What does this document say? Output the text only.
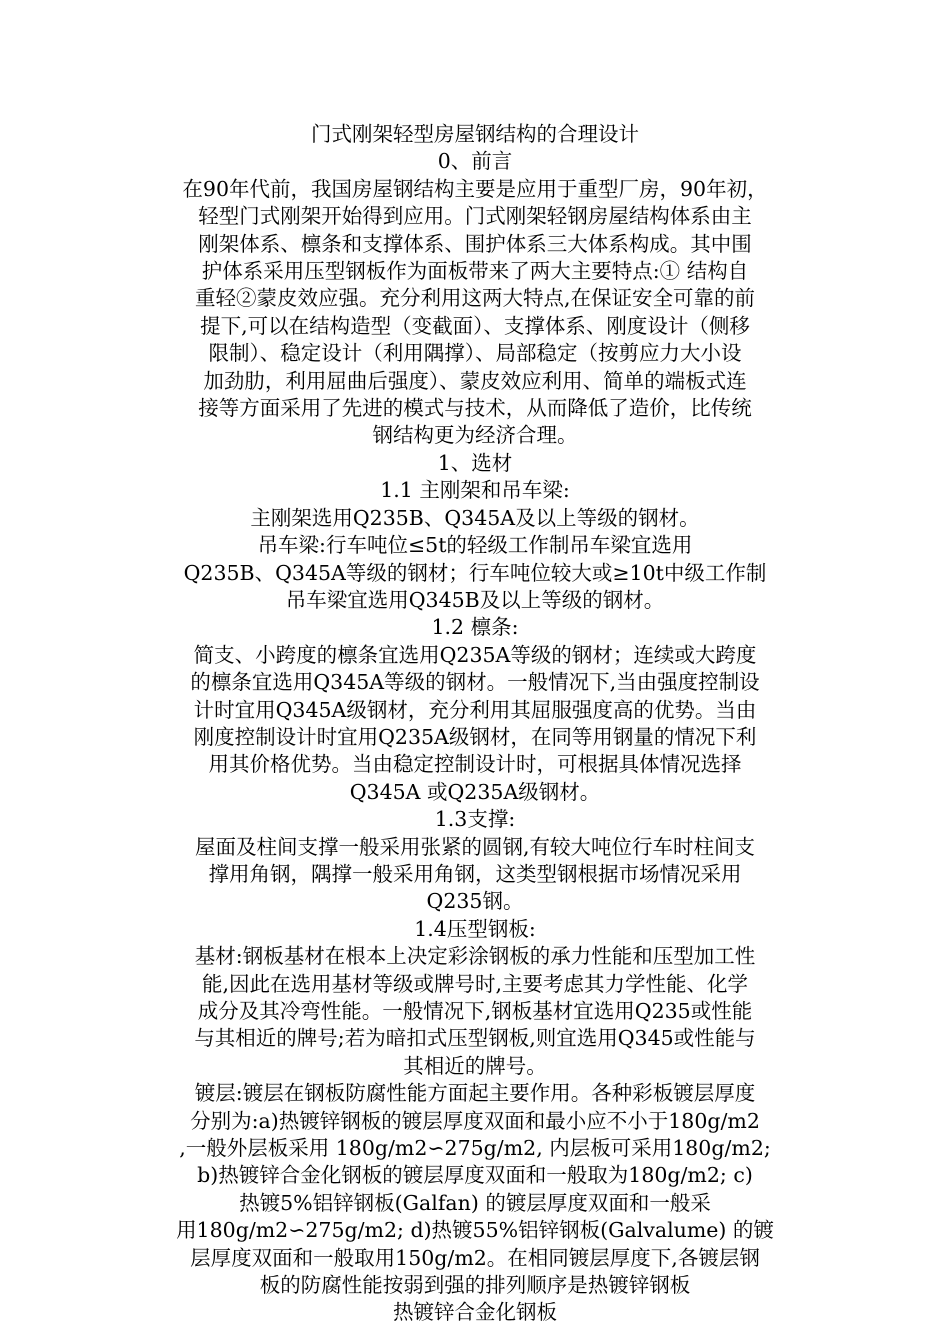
门式刚架轻型房屋钢结构的合理设计
0、前言
在90年代前，我国房屋钢结构主要是应用于重型厂房，90年初，
轻型门式刚架开始得到应用。门式刚架轻钢房屋结构体系由主
刚架体系、檩条和支撑体系、围护体系三大体系构成。其中围
护体系采用压型钢板作为面板带来了两大主要特点:① 结构自
重轻②蒙皮效应强。充分利用这两大特点,在保证安全可靠的前
提下,可以在结构造型（变截面）、支撑体系、刚度设计（侧移
限制）、稳定设计（利用隅撑）、局部稳定（按剪应力大小设
加劲肋，利用屈曲后强度）、蒙皮效应利用、简单的端板式连
接等方面采用了先进的模式与技术，从而降低了造价，比传统
钢结构更为经济合理。
1、选材
1.1 主刚架和吊车梁:
主刚架选用Q235B、Q345A及以上等级的钢材。
吊车梁:行车吨位≤5t的轻级工作制吊车梁宜选用
Q235B、Q345A等级的钢材；行车吨位较大或≥10t中级工作制
吊车梁宜选用Q345B及以上等级的钢材。
1.2 檩条:
简支、小跨度的檩条宜选用Q235A等级的钢材；连续或大跨度
的檩条宜选用Q345A等级的钢材。一般情况下,当由强度控制设
计时宜用Q345A级钢材，充分利用其屈服强度高的优势。当由
刚度控制设计时宜用Q235A级钢材，在同等用钢量的情况下利
用其价格优势。当由稳定控制设计时，可根据具体情况选择
Q345A 或Q235A级钢材。
1.3支撑:
屋面及柱间支撑一般采用张紧的圆钢,有较大吨位行车时柱间支
撑用角钢，隅撑一般采用角钢，这类型钢根据市场情况采用
Q235钢。
1.4压型钢板:
基材:钢板基材在根本上决定彩涂钢板的承力性能和压型加工性
能,因此在选用基材等级或牌号时,主要考虑其力学性能、化学
成分及其冷弯性能。一般情况下,钢板基材宜选用Q235或性能
与其相近的牌号;若为暗扣式压型钢板,则宜选用Q345或性能与
其相近的牌号。
镀层:镀层在钢板防腐性能方面起主要作用。各种彩板镀层厚度
分别为:a)热镀锌钢板的镀层厚度双面和最小应不小于180g/m2
,一般外层板采用 180g/m2∽275g/m2, 内层板可采用180g/m2;
b)热镀锌合金化钢板的镀层厚度双面和一般取为180g/m2; c)
热镀5%铝锌钢板(Galfan) 的镀层厚度双面和一般采
用180g/m2∽275g/m2; d)热镀55%铝锌钢板(Galvalume) 的镀
层厚度双面和一般取用150g/m2。在相同镀层厚度下,各镀层钢
板的防腐性能按弱到强的排列顺序是热镀锌钢板
热镀锌合金化钢板
